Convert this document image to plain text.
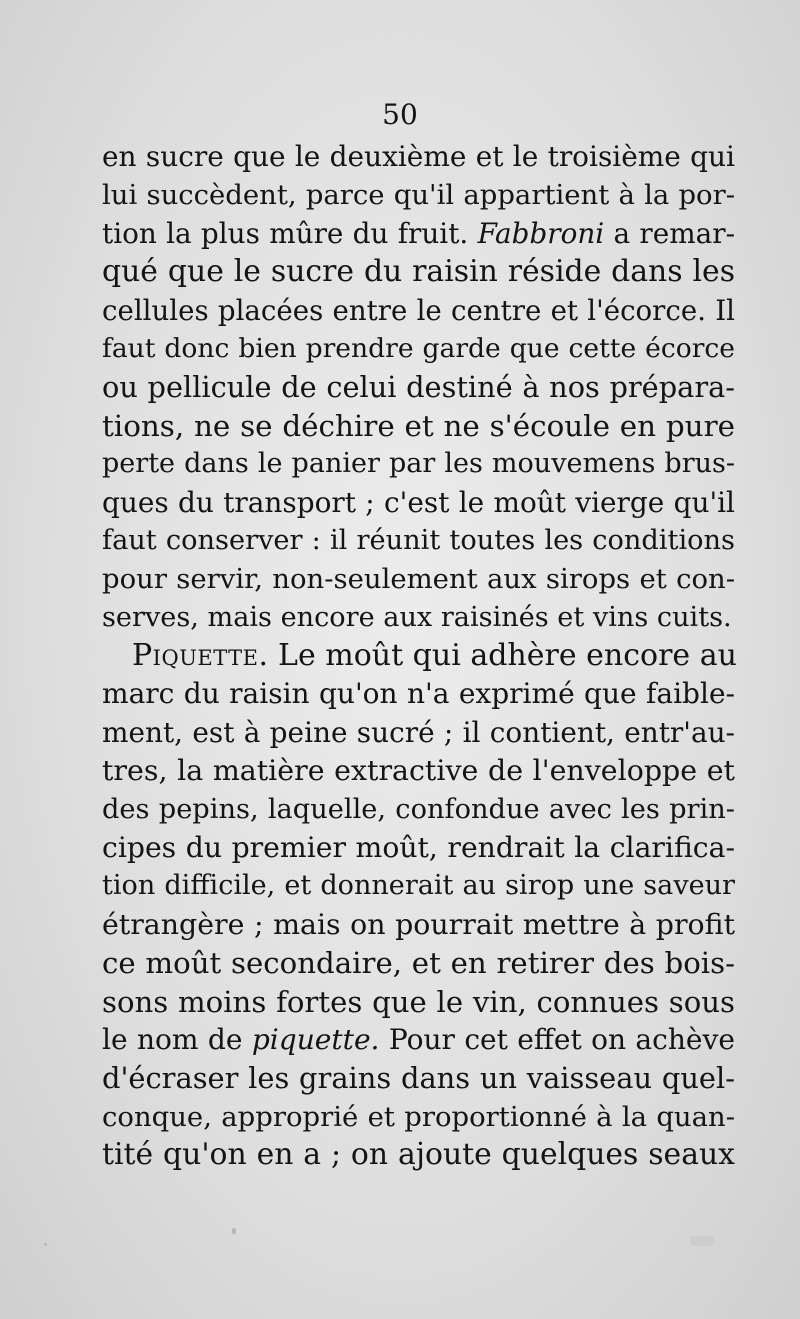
50
en sucre que le deuxième et le troisième qui
lui succèdent, parce qu'il appartient à la por-
tion la plus mûre du fruit. Fabbroni a remar-
qué que le sucre du raisin réside dans les
cellules placées entre le centre et l'écorce. Il
faut donc bien prendre garde que cette écorce
ou pellicule de celui destiné à nos prépara-
tions, ne se déchire et ne s'écoule en pure
perte dans le panier par les mouvemens brus-
ques du transport ; c'est le moût vierge qu'il
faut conserver : il réunit toutes les conditions
pour servir, non-seulement aux sirops et con-
serves, mais encore aux raisinés et vins cuits.
Piquette. Le moût qui adhère encore au
marc du raisin qu'on n'a exprimé que faible-
ment, est à peine sucré ; il contient, entr'au-
tres, la matière extractive de l'enveloppe et
des pepins, laquelle, confondue avec les prin-
cipes du premier moût, rendrait la clarifica-
tion difficile, et donnerait au sirop une saveur
étrangère ; mais on pourrait mettre à profit
ce moût secondaire, et en retirer des bois-
sons moins fortes que le vin, connues sous
le nom de piquette. Pour cet effet on achève
d'écraser les grains dans un vaisseau quel-
conque, approprié et proportionné à la quan-
tité qu'on en a ; on ajoute quelques seaux
